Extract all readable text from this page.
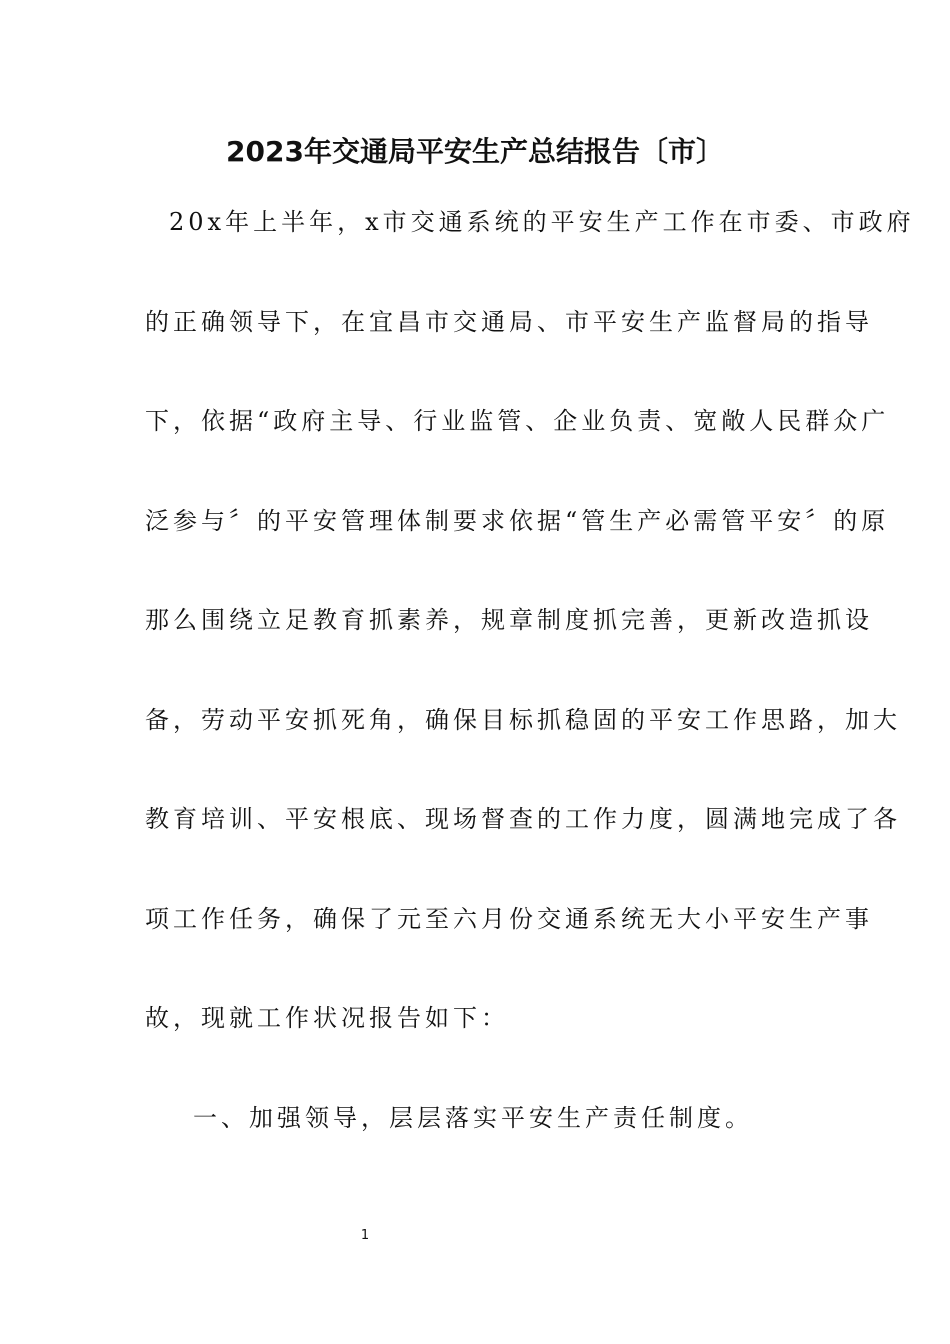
2023年交通局平安生产总结报告〔市〕
20x年上半年，x市交通系统的平安生产工作在市委、市政府
的正确领导下，在宜昌市交通局、市平安生产监督局的指导
下，依据“政府主导、行业监管、企业负责、宽敞人民群众广
泛参与〞的平安管理体制要求依据“管生产必需管平安〞的原
那么围绕立足教育抓素养，规章制度抓完善，更新改造抓设
备，劳动平安抓死角，确保目标抓稳固的平安工作思路，加大
教育培训、平安根底、现场督查的工作力度，圆满地完成了各
项工作任务，确保了元至六月份交通系统无大小平安生产事
故，现就工作状况报告如下：
一、加强领导，层层落实平安生产责任制度。
1
